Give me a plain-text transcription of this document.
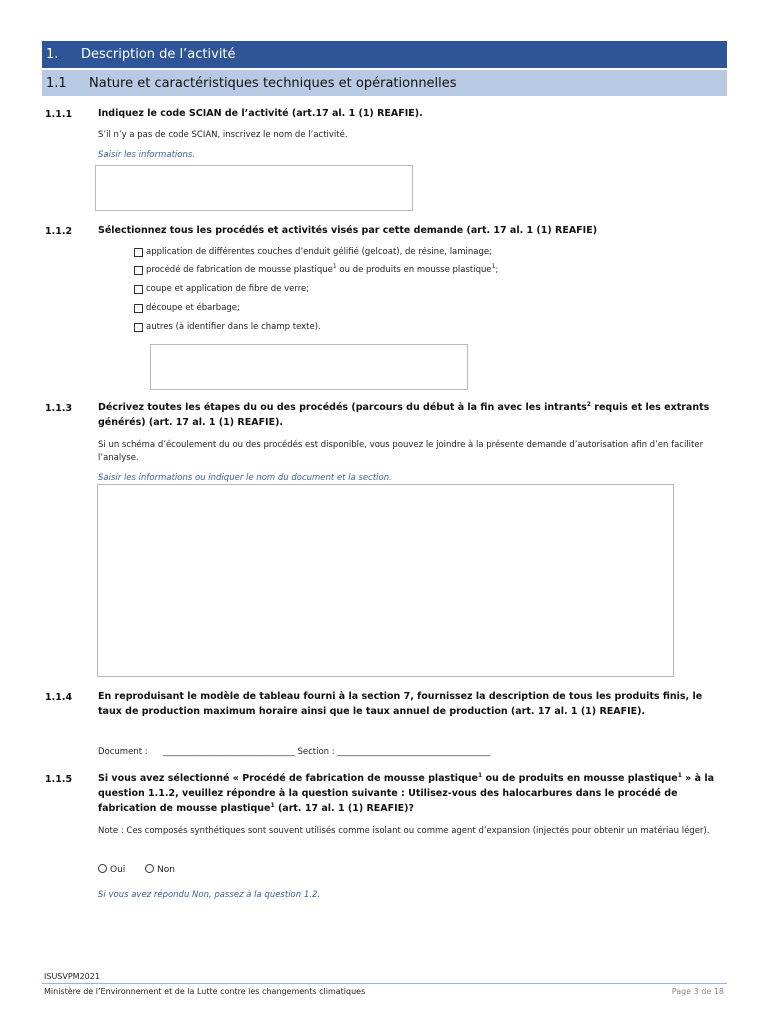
1. Description de l’activité
1.1 Nature et caractéristiques techniques et opérationnelles
1.1.1	Indiquez le code SCIAN de l’activité (art.17 al. 1 (1) REAFIE).
S’il n’y a pas de code SCIAN, inscrivez le nom de l’activité.
Saisir les informations.
1.1.2	Sélectionnez tous les procédés et activités visés par cette demande (art. 17 al. 1 (1) REAFIE)
application de différentes couches d’enduit gélifié (gelcoat), de résine, laminage;
procédé de fabrication de mousse plastique$^1$ ou de produits en mousse plastique$^1$;
coupe et application de fibre de verre;
découpe et ébarbage;
autres (à identifier dans le champ texte).
1.1.3	Décrivez toutes les étapes du ou des procédés (parcours du début à la fin avec les intrants$^2$ requis et les extrants générés) (art. 17 al. 1 (1) REAFIE).
Si un schéma d’écoulement du ou des procédés est disponible, vous pouvez le joindre à la présente demande d’autorisation afin d’en faciliter l’analyse.
Saisir les informations ou indiquer le nom du document et la section.
1.1.4	En reproduisant le modèle de tableau fourni à la section 7, fournissez la description de tous les produits finis, le taux de production maximum horaire ainsi que le taux annuel de production (art. 17 al. 1 (1) REAFIE).
Document : _______________________________ Section : ____________________________________
1.1.5	Si vous avez sélectionné « Procédé de fabrication de mousse plastique$^1$ ou de produits en mousse plastique$^1$ » à la question 1.1.2, veuillez répondre à la question suivante : Utilisez-vous des halocarbures dans le procédé de fabrication de mousse plastique$^1$ (art. 17 al. 1 (1) REAFIE)?
Note : Ces composés synthétiques sont souvent utilisés comme isolant ou comme agent d’expansion (injectés pour obtenir un matériau léger).
Oui	Non
Si vous avez répondu Non, passez à la question 1.2.
ISUSVPM2021
Ministère de l’Environnement et de la Lutte contre les changements climatiques	Page 3 de 18
